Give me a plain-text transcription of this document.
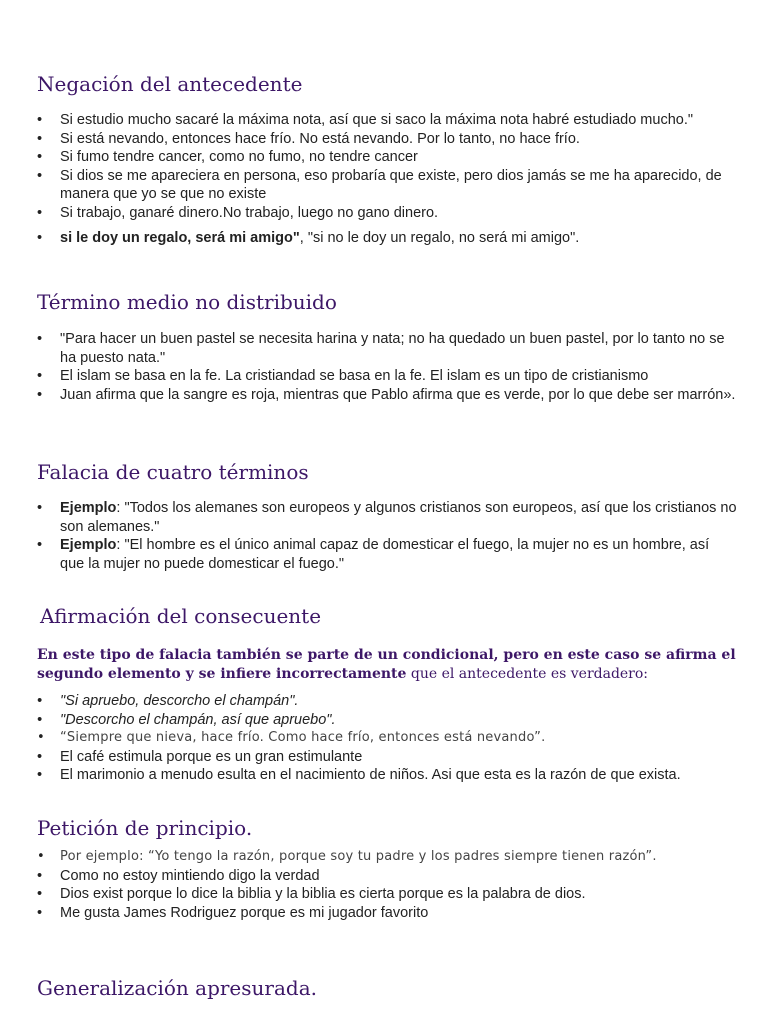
Negación del antecedente
• Si estudio mucho sacaré la máxima nota, así que si saco la máxima nota habré estudiado mucho."
• Si está nevando, entonces hace frío. No está nevando. Por lo tanto, no hace frío.
• Si fumo tendre cancer, como no fumo, no tendre cancer
• Si dios se me apareciera en persona, eso probaría que existe, pero dios jamás se me ha aparecido, de manera que yo se que no existe
• Si trabajo, ganaré dinero.No trabajo, luego no gano dinero.
• si le doy un regalo, será mi amigo", "si no le doy un regalo, no será mi amigo".
Término medio no distribuido
• "Para hacer un buen pastel se necesita harina y nata; no ha quedado un buen pastel, por lo tanto no se ha puesto nata."
• El islam se basa en la fe. La cristiandad se basa en la fe. El islam es un tipo de cristianismo
• Juan afirma que la sangre es roja, mientras que Pablo afirma que es verde, por lo que debe ser marrón».
Falacia de cuatro términos
• Ejemplo: "Todos los alemanes son europeos y algunos cristianos son europeos, así que los cristianos no son alemanes."
• Ejemplo: "El hombre es el único animal capaz de domesticar el fuego, la mujer no es un hombre, así que la mujer no puede domesticar el fuego."
Afirmación del consecuente

En este tipo de falacia también se parte de un condicional, pero en este caso se afirma el segundo elemento y se infiere incorrectamente que el antecedente es verdadero:

• "Si apruebo, descorcho el champán".
• "Descorcho el champán, así que apruebo".
• “Siempre que nieva, hace frío. Como hace frío, entonces está nevando”.
• El café estimula porque es un gran estimulante
• El marimonio a menudo esulta en el nacimiento de niños. Asi que esta es la razón de que exista.
Petición de principio.
• Por ejemplo: “Yo tengo la razón, porque soy tu padre y los padres siempre tienen razón”.
• Como no estoy mintiendo digo la verdad
• Dios exist porque lo dice la biblia y la biblia es cierta porque es la palabra de dios.
• Me gusta James Rodriguez porque es mi jugador favorito
Generalización apresurada.
